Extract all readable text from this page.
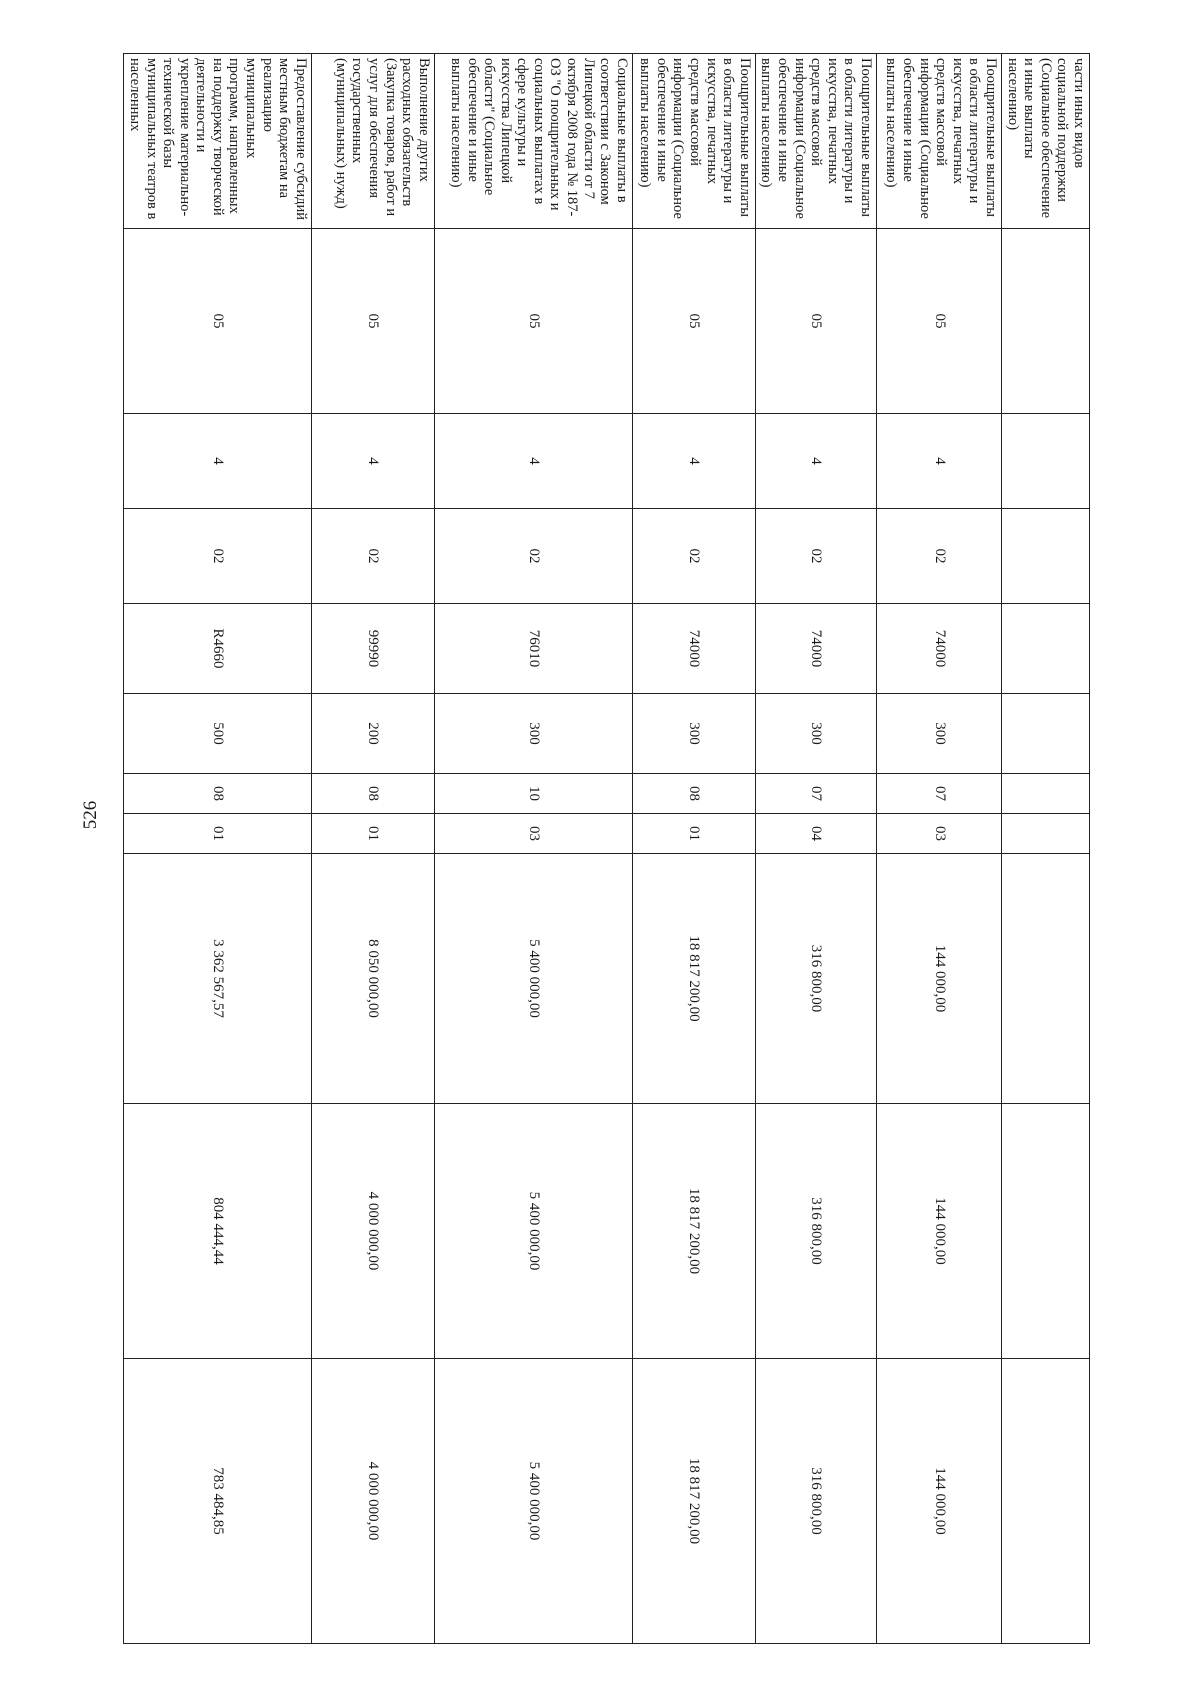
526
части иных видов социальной поддержки (Социальное обеспечение и иные выплаты населению)										
Поощрительные выплаты в области литературы и искусства, печатных средств массовой информации (Социальное обеспечение и иные выплаты населению)	05	4	02	74000	300	07	03	144 000,00	144 000,00	144 000,00
Поощрительные выплаты в области литературы и искусства, печатных средств массовой информации (Социальное обеспечение и иные выплаты населению)	05	4	02	74000	300	07	04	316 800,00	316 800,00	316 800,00
Поощрительные выплаты в области литературы и искусства, печатных средств массовой информации (Социальное обеспечение и иные выплаты населению)	05	4	02	74000	300	08	01	18 817 200,00	18 817 200,00	18 817 200,00
Социальные выплаты в соответствии с Законом Липецкой области от 7 октября 2008 года № 187-ОЗ "О поощрительных и социальных выплатах в сфере культуры и искусства Липецкой области" (Социальное обеспечение и иные выплаты населению)	05	4	02	76010	300	10	03	5 400 000,00	5 400 000,00	5 400 000,00
Выполнение других расходных обязательств (Закупка товаров, работ и услуг для обеспечения государственных (муниципальных) нужд)	05	4	02	99990	200	08	01	8 050 000,00	4 000 000,00	4 000 000,00
Предоставление субсидий местным бюджетам на реализацию муниципальных программ, направленных на поддержку творческой деятельности и укрепление материально-технической базы муниципальных театров в населенных	05	4	02	R4660	500	08	01	3 362 567,57	804 444,44	783 484,85
